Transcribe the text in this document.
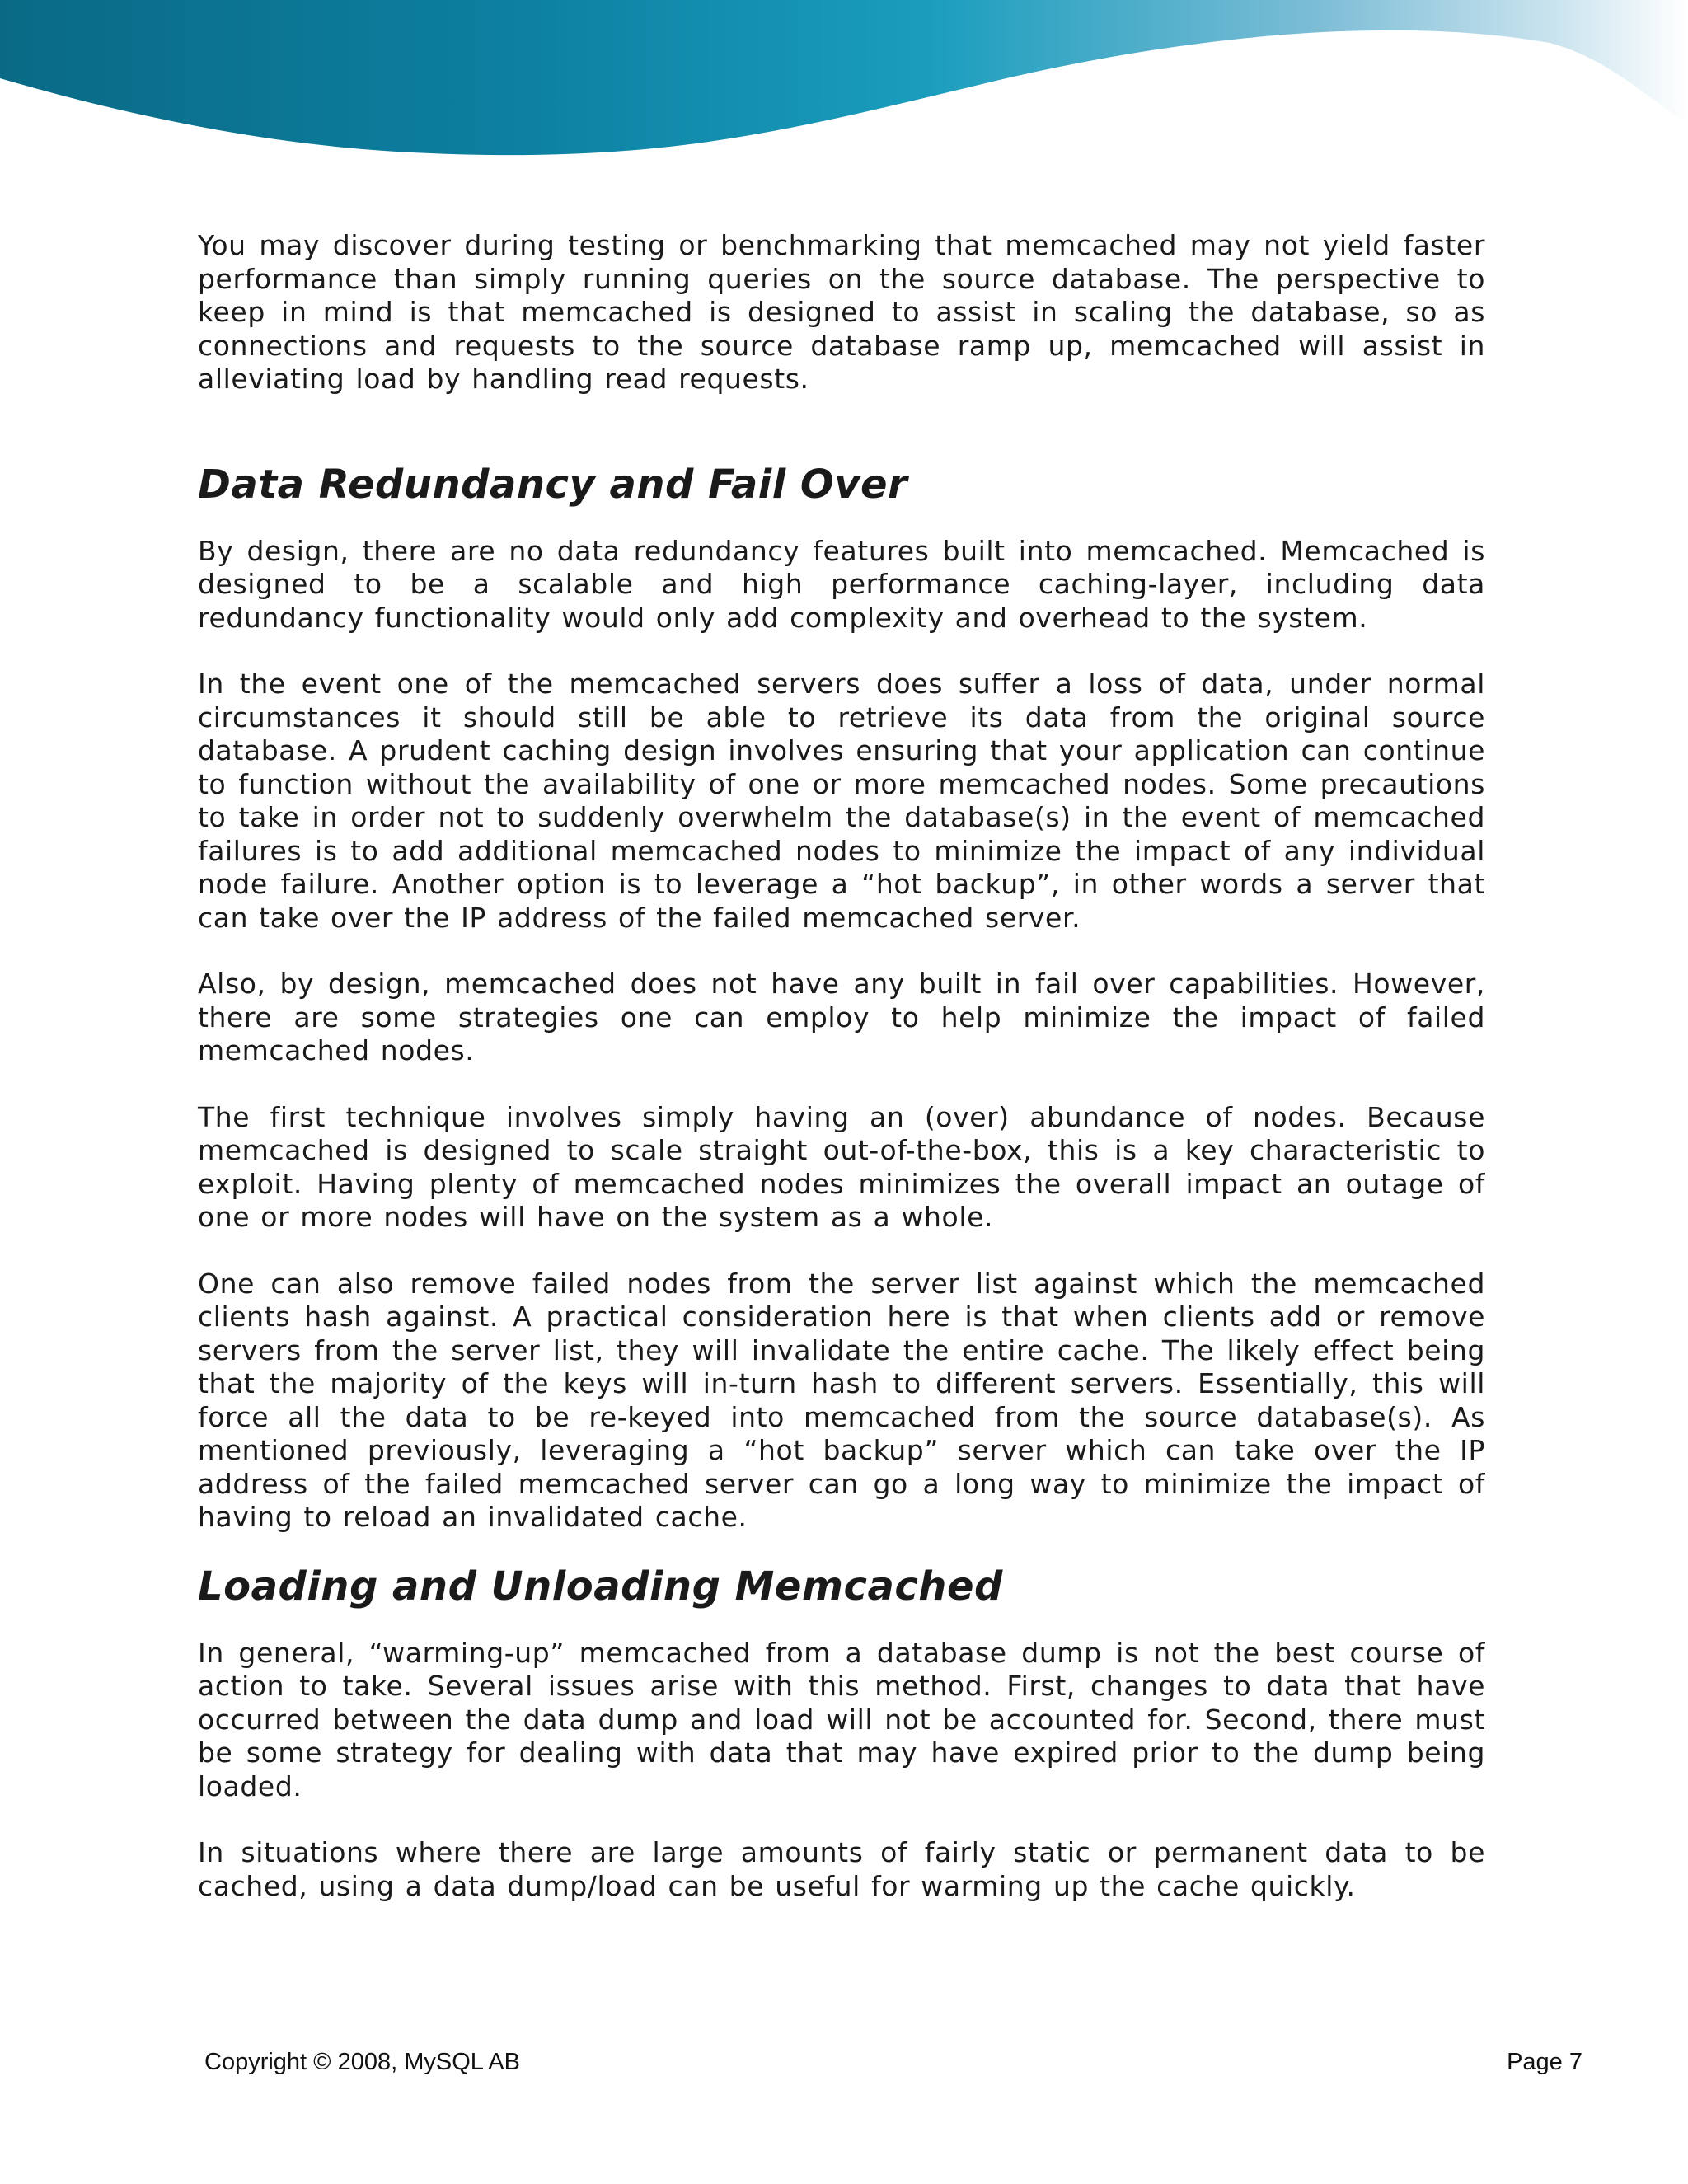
You may discover during testing or benchmarking that memcached may not yield faster performance than simply running queries on the source database. The perspective to keep in mind is that memcached is designed to assist in scaling the database, so as connections and requests to the source database ramp up, memcached will assist in alleviating load by handling read requests.

Data Redundancy and Fail Over

By design, there are no data redundancy features built into memcached. Memcached is designed to be a scalable and high performance caching-layer, including data redundancy functionality would only add complexity and overhead to the system.

In the event one of the memcached servers does suffer a loss of data, under normal circumstances it should still be able to retrieve its data from the original source database. A prudent caching design involves ensuring that your application can continue to function without the availability of one or more memcached nodes. Some precautions to take in order not to suddenly overwhelm the database(s) in the event of memcached failures is to add additional memcached nodes to minimize the impact of any individual node failure. Another option is to leverage a “hot backup”, in other words a server that can take over the IP address of the failed memcached server.

Also, by design, memcached does not have any built in fail over capabilities. However, there are some strategies one can employ to help minimize the impact of failed memcached nodes.

The first technique involves simply having an (over) abundance of nodes. Because memcached is designed to scale straight out-of-the-box, this is a key characteristic to exploit. Having plenty of memcached nodes minimizes the overall impact an outage of one or more nodes will have on the system as a whole.

One can also remove failed nodes from the server list against which the memcached clients hash against. A practical consideration here is that when clients add or remove servers from the server list, they will invalidate the entire cache. The likely effect being that the majority of the keys will in-turn hash to different servers. Essentially, this will force all the data to be re-keyed into memcached from the source database(s). As mentioned previously, leveraging a “hot backup” server which can take over the IP address of the failed memcached server can go a long way to minimize the impact of having to reload an invalidated cache.

Loading and Unloading Memcached

In general, “warming-up” memcached from a database dump is not the best course of action to take. Several issues arise with this method. First, changes to data that have occurred between the data dump and load will not be accounted for. Second, there must be some strategy for dealing with data that may have expired prior to the dump being loaded.

In situations where there are large amounts of fairly static or permanent data to be cached, using a data dump/load can be useful for warming up the cache quickly.

Copyright © 2008, MySQL AB	Page 7
